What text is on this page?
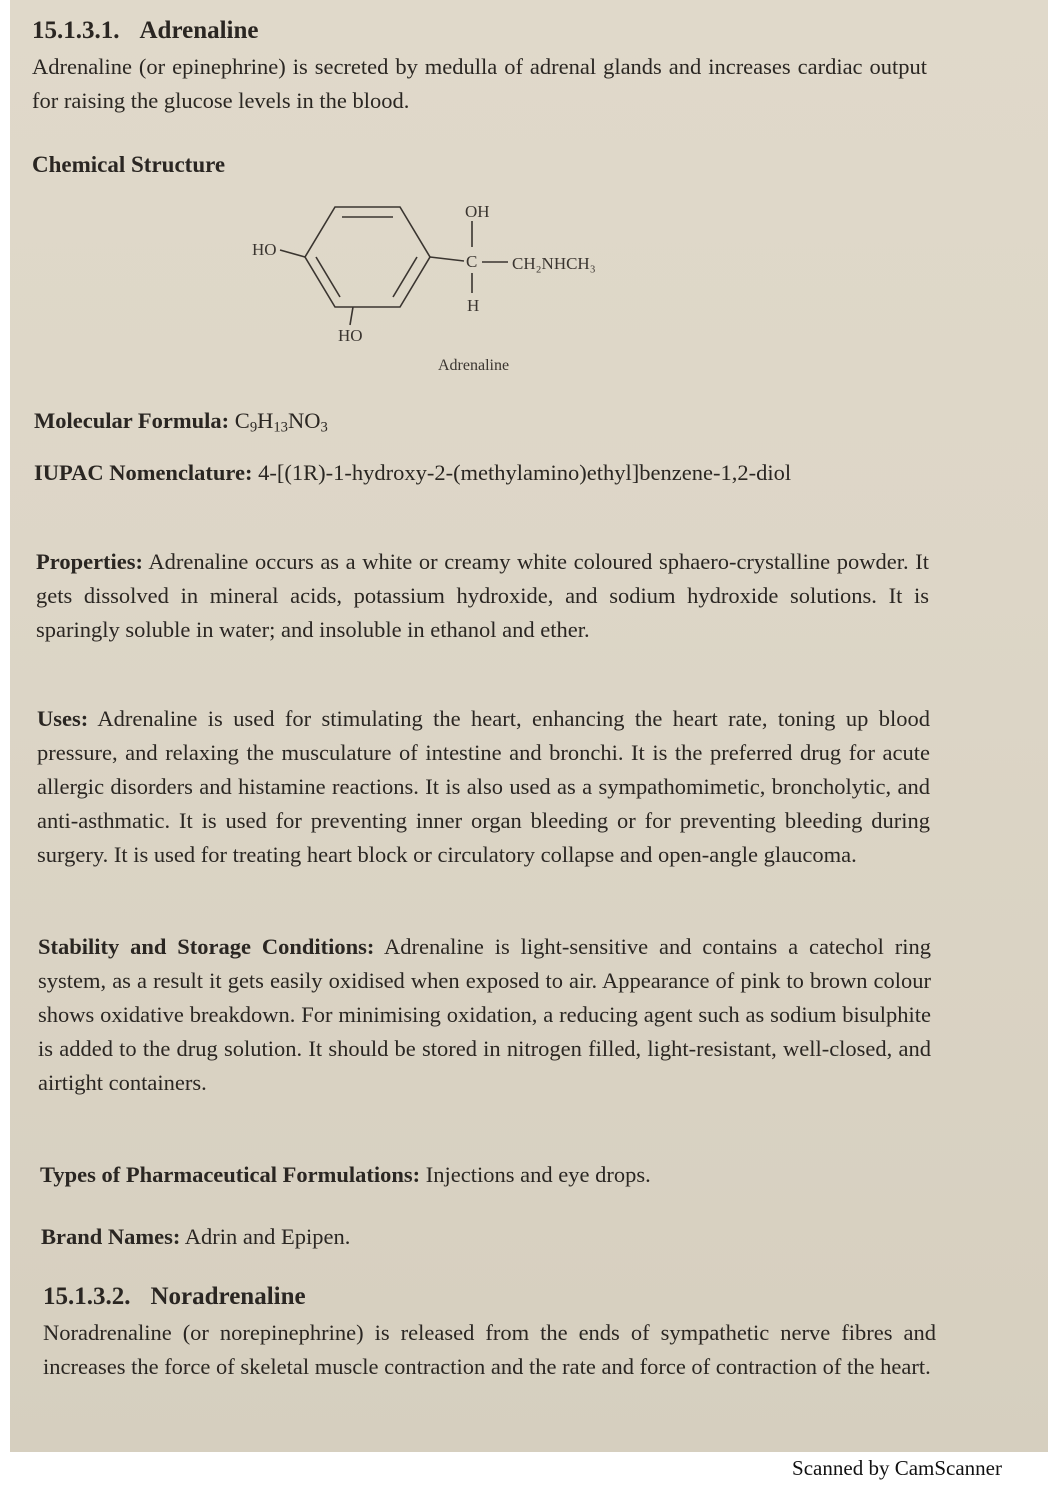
15.1.3.1. Adrenaline
Adrenaline (or epinephrine) is secreted by medulla of adrenal glands and increases cardiac output for raising the glucose levels in the blood.
Chemical Structure
OH
HO
C CH₂NHCH₃
H
HO
Adrenaline
Molecular Formula: $C_9H_{13}NO_3$
IUPAC Nomenclature: 4-[(1R)-1-hydroxy-2-(methylamino)ethyl]benzene-1,2-diol
Properties: Adrenaline occurs as a white or creamy white coloured sphaero-crystalline powder. It gets dissolved in mineral acids, potassium hydroxide, and sodium hydroxide solutions. It is sparingly soluble in water; and insoluble in ethanol and ether.
Uses: Adrenaline is used for stimulating the heart, enhancing the heart rate, toning up blood pressure, and relaxing the musculature of intestine and bronchi. It is the preferred drug for acute allergic disorders and histamine reactions. It is also used as a sympathomimetic, broncholytic, and anti-asthmatic. It is used for preventing inner organ bleeding or for preventing bleeding during surgery. It is used for treating heart block or circulatory collapse and open-angle glaucoma.
Stability and Storage Conditions: Adrenaline is light-sensitive and contains a catechol ring system, as a result it gets easily oxidised when exposed to air. Appearance of pink to brown colour shows oxidative breakdown. For minimising oxidation, a reducing agent such as sodium bisulphite is added to the drug solution. It should be stored in nitrogen filled, light-resistant, well-closed, and airtight containers.
Types of Pharmaceutical Formulations: Injections and eye drops.
Brand Names: Adrin and Epipen.
15.1.3.2. Noradrenaline
Noradrenaline (or norepinephrine) is released from the ends of sympathetic nerve fibres and increases the force of skeletal muscle contraction and the rate and force of contraction of the heart.
Scanned by CamScanner
